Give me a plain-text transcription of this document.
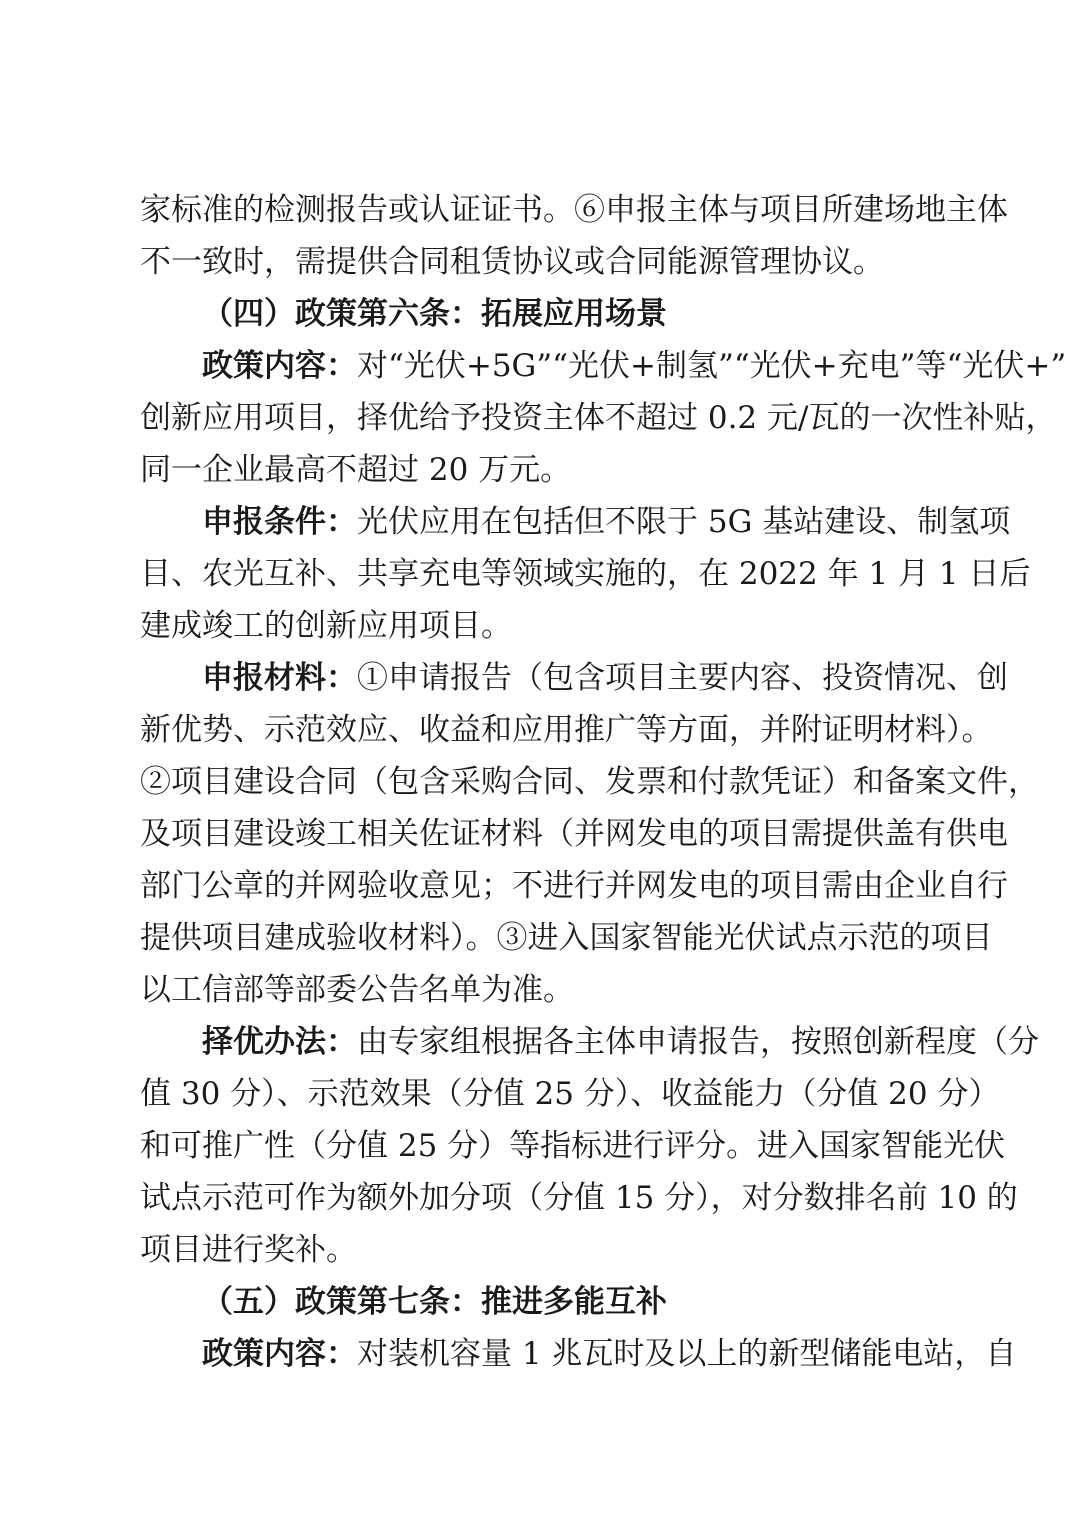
家标准的检测报告或认证证书。⑥申报主体与项目所建场地主体
不一致时，需提供合同租赁协议或合同能源管理协议。
（四）政策第六条：拓展应用场景
政策内容：对“光伏+5G”“光伏+制氢”“光伏+充电”等“光伏+”
创新应用项目，择优给予投资主体不超过 0.2 元/瓦的一次性补贴，
同一企业最高不超过 20 万元。
申报条件：光伏应用在包括但不限于 5G 基站建设、制氢项
目、农光互补、共享充电等领域实施的，在 2022 年 1 月 1 日后
建成竣工的创新应用项目。
申报材料：①申请报告（包含项目主要内容、投资情况、创
新优势、示范效应、收益和应用推广等方面，并附证明材料）。
②项目建设合同（包含采购合同、发票和付款凭证）和备案文件，
及项目建设竣工相关佐证材料（并网发电的项目需提供盖有供电
部门公章的并网验收意见；不进行并网发电的项目需由企业自行
提供项目建成验收材料）。③进入国家智能光伏试点示范的项目
以工信部等部委公告名单为准。
择优办法：由专家组根据各主体申请报告，按照创新程度（分
值 30 分）、示范效果（分值 25 分）、收益能力（分值 20 分）
和可推广性（分值 25 分）等指标进行评分。进入国家智能光伏
试点示范可作为额外加分项（分值 15 分），对分数排名前 10 的
项目进行奖补。
（五）政策第七条：推进多能互补
政策内容：对装机容量 1 兆瓦时及以上的新型储能电站，自
